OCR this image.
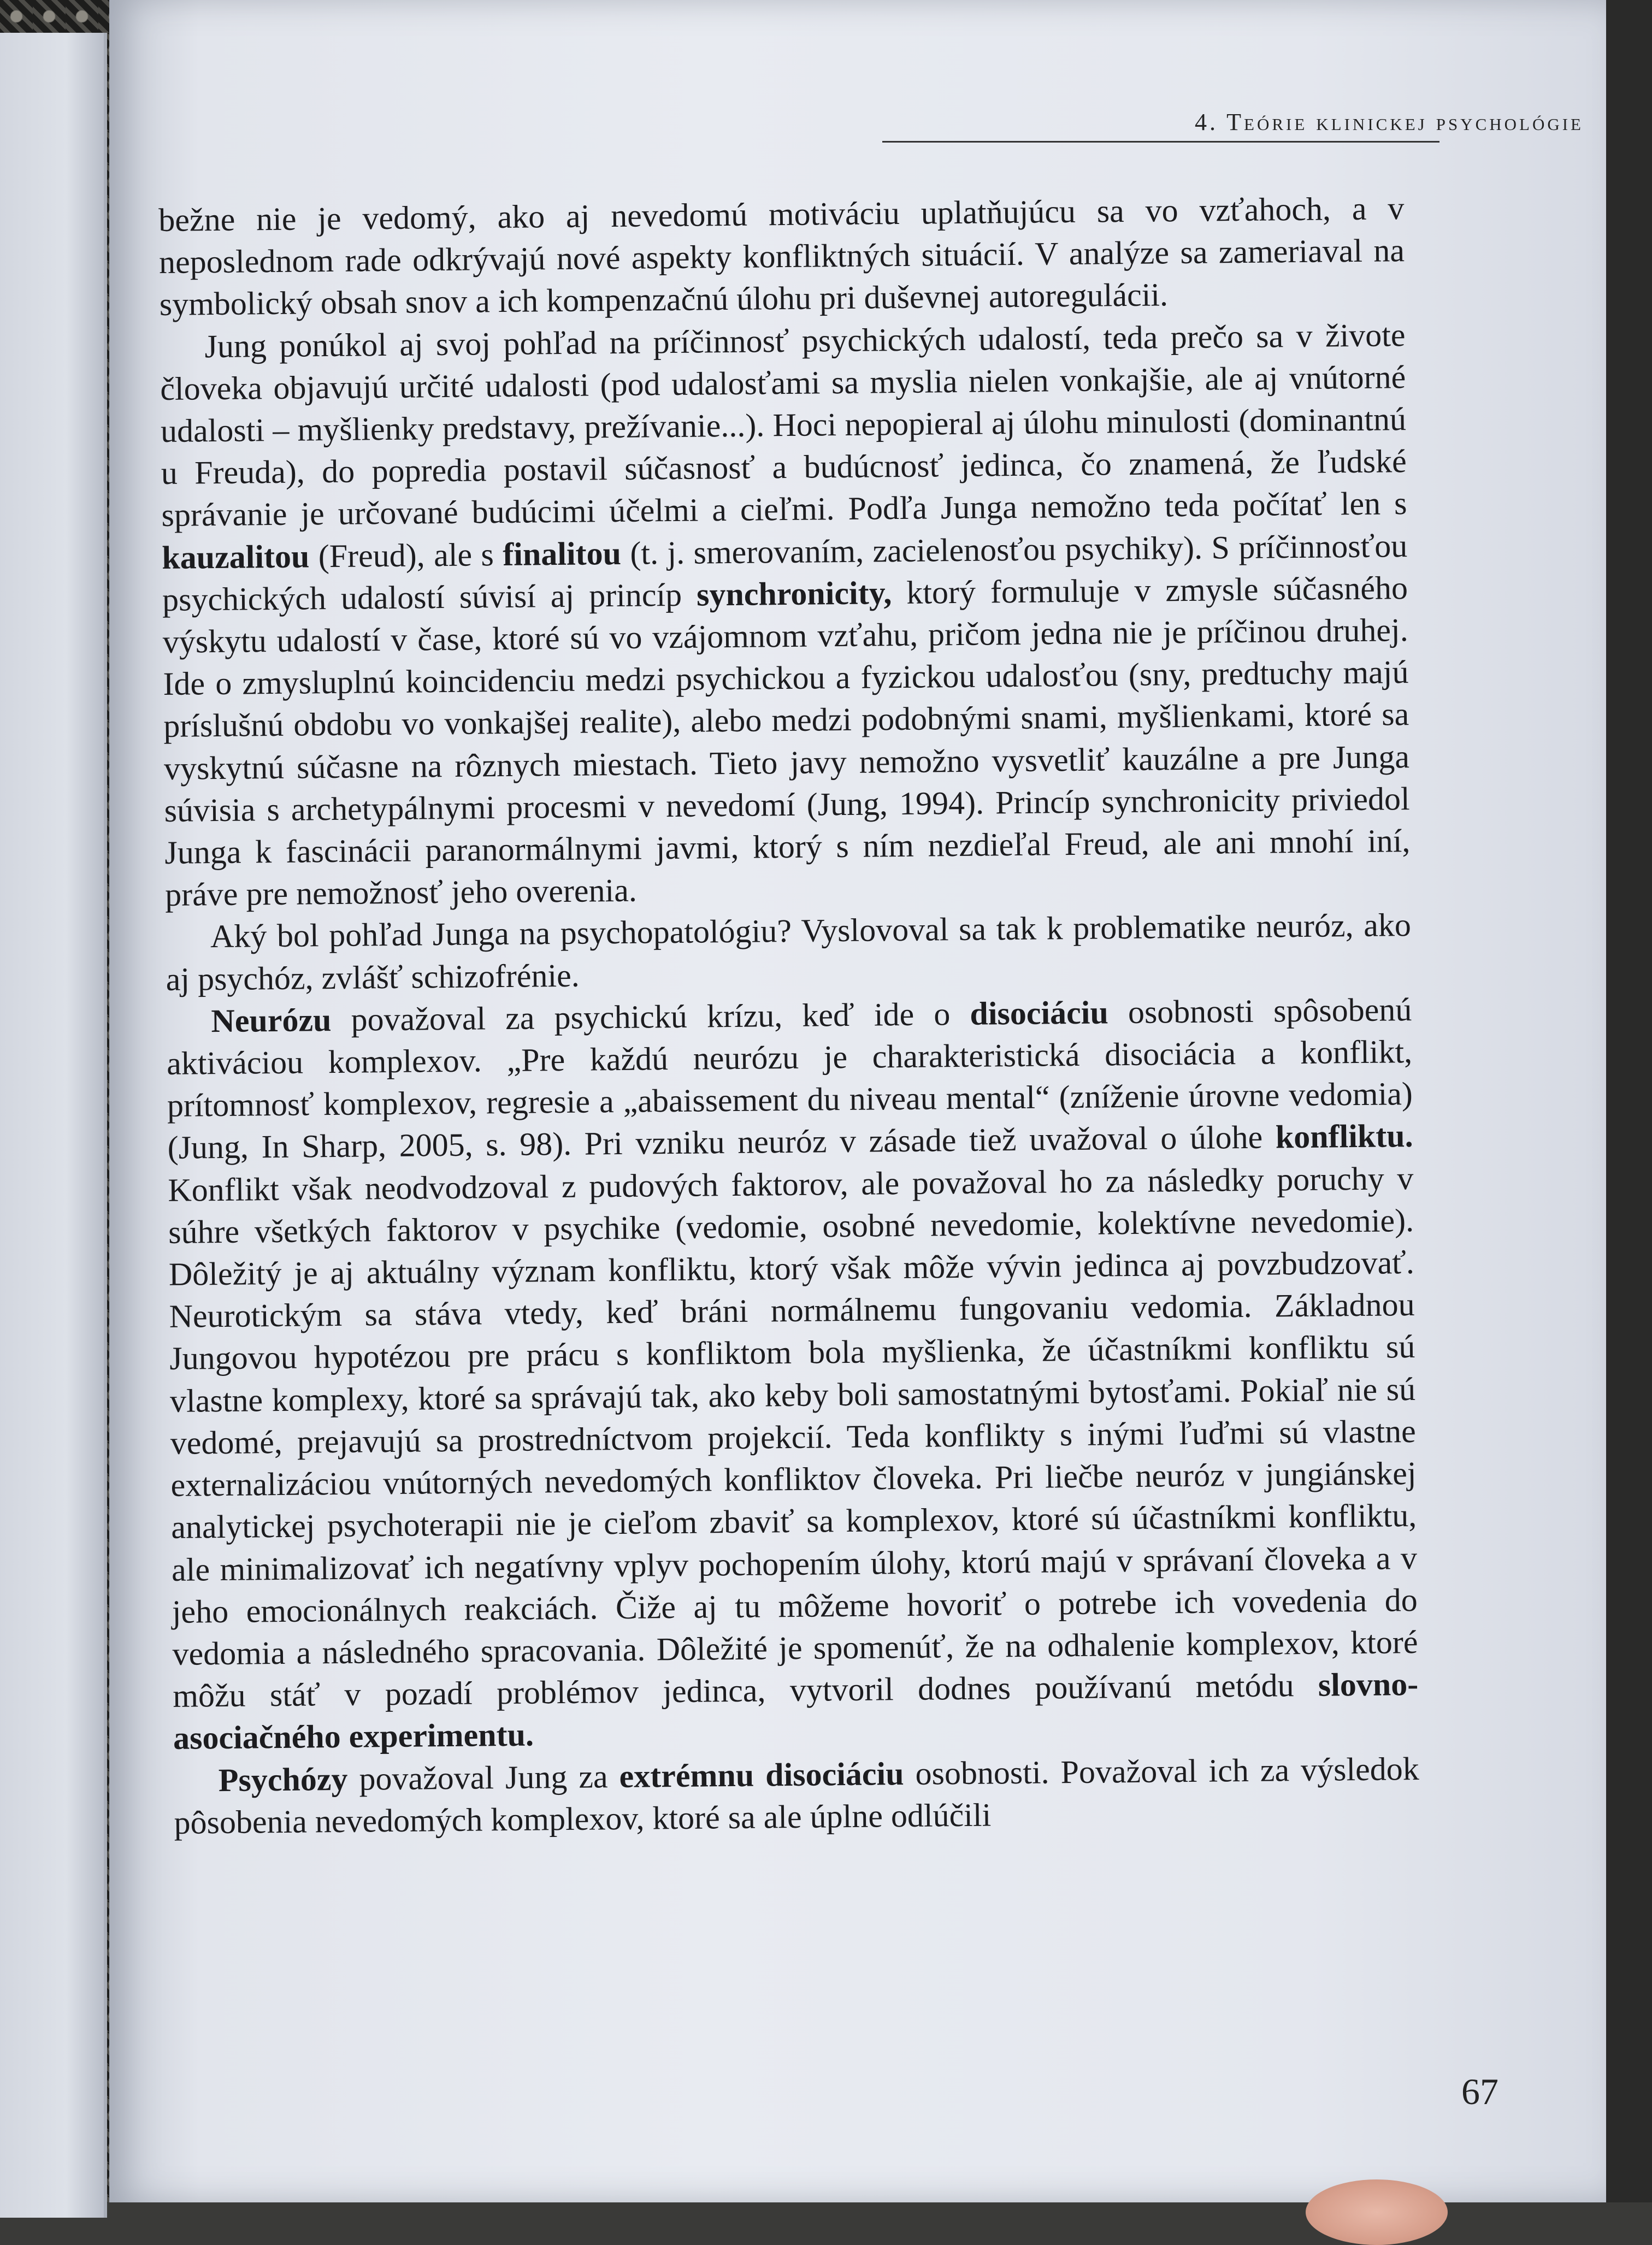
4. Teórie klinickej psychológie

bežne nie je vedomý, ako aj nevedomú motiváciu uplatňujúcu sa vo vzťahoch, a v neposlednom rade odkrývajú nové aspekty konfliktných situácií. V analýze sa zameriaval na symbolický obsah snov a ich kompenzačnú úlohu pri duševnej autoregulácii.

Jung ponúkol aj svoj pohľad na príčinnosť psychických udalostí, teda prečo sa v živote človeka objavujú určité udalosti (pod udalosťami sa myslia nielen vonkajšie, ale aj vnútorné udalosti – myšlienky predstavy, prežívanie...). Hoci nepopieral aj úlohu minulosti (dominantnú u Freuda), do popredia postavil súčasnosť a budúcnosť jedinca, čo znamená, že ľudské správanie je určované budúcimi účelmi a cieľmi. Podľa Junga nemožno teda počítať len s kauzalitou (Freud), ale s finalitou (t. j. smerovaním, zacielenosťou psychiky). S príčinnosťou psychických udalostí súvisí aj princíp synchronicity, ktorý formuluje v zmysle súčasného výskytu udalostí v čase, ktoré sú vo vzájomnom vzťahu, pričom jedna nie je príčinou druhej. Ide o zmysluplnú koincidenciu medzi psychickou a fyzickou udalosťou (sny, predtuchy majú príslušnú obdobu vo vonkajšej realite), alebo medzi podobnými snami, myšlienkami, ktoré sa vyskytnú súčasne na rôznych miestach. Tieto javy nemožno vysvetliť kauzálne a pre Junga súvisia s archetypálnymi procesmi v nevedomí (Jung, 1994). Princíp synchronicity priviedol Junga k fascinácii paranormálnymi javmi, ktorý s ním nezdieľal Freud, ale ani mnohí iní, práve pre nemožnosť jeho overenia.

Aký bol pohľad Junga na psychopatológiu? Vyslovoval sa tak k problematike neuróz, ako aj psychóz, zvlášť schizofrénie.

Neurózu považoval za psychickú krízu, keď ide o disociáciu osobnosti spôsobenú aktiváciou komplexov. „Pre každú neurózu je charakteristická disociácia a konflikt, prítomnosť komplexov, regresie a „abaissement du niveau mental“ (zníženie úrovne vedomia) (Jung, In Sharp, 2005, s. 98). Pri vzniku neuróz v zásade tiež uvažoval o úlohe konfliktu. Konflikt však neodvodzoval z pudových faktorov, ale považoval ho za následky poruchy v súhre všetkých faktorov v psychike (vedomie, osobné nevedomie, kolektívne nevedomie). Dôležitý je aj aktuálny význam konfliktu, ktorý však môže vývin jedinca aj povzbudzovať. Neurotickým sa stáva vtedy, keď bráni normálnemu fungovaniu vedomia. Základnou Jungovou hypotézou pre prácu s konfliktom bola myšlienka, že účastníkmi konfliktu sú vlastne komplexy, ktoré sa správajú tak, ako keby boli samostatnými bytosťami. Pokiaľ nie sú vedomé, prejavujú sa prostredníctvom projekcií. Teda konflikty s inými ľuďmi sú vlastne externalizáciou vnútorných nevedomých konfliktov človeka. Pri liečbe neuróz v jungiánskej analytickej psychoterapii nie je cieľom zbaviť sa komplexov, ktoré sú účastníkmi konfliktu, ale minimalizovať ich negatívny vplyv pochopením úlohy, ktorú majú v správaní človeka a v jeho emocionálnych reakciách. Čiže aj tu môžeme hovoriť o potrebe ich vovedenia do vedomia a následného spracovania. Dôležité je spomenúť, že na odhalenie komplexov, ktoré môžu stáť v pozadí problémov jedinca, vytvoril dodnes používanú metódu slovno-asociačného experimentu.

Psychózy považoval Jung za extrémnu disociáciu osobnosti. Považoval ich za výsledok pôsobenia nevedomých komplexov, ktoré sa ale úplne odlúčili

67
